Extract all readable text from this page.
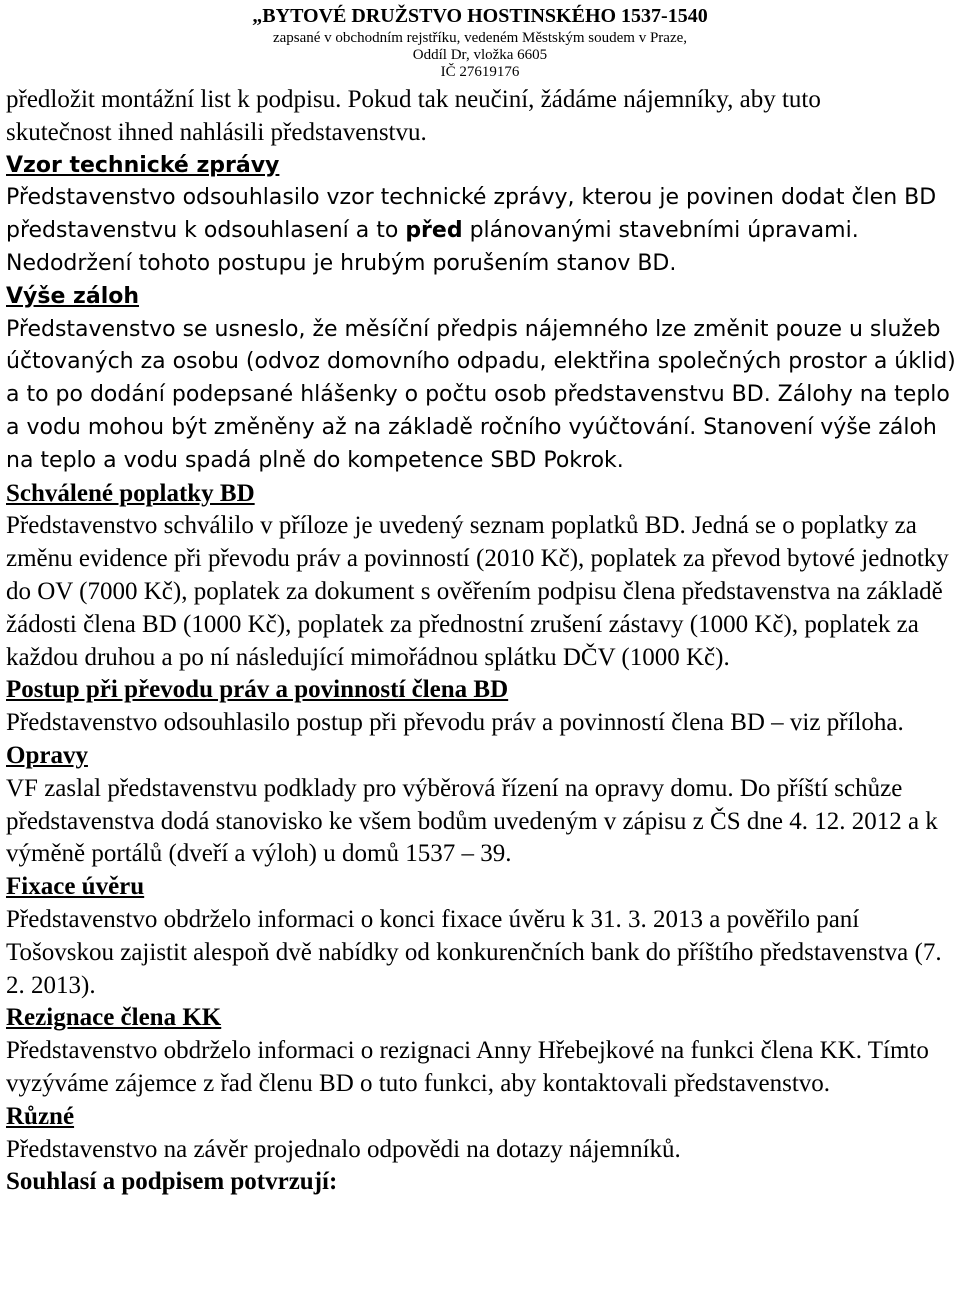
„BYTOVÉ DRUŽSTVO HOSTINSKÉHO 1537-1540
zapsané v obchodním rejstříku, vedeném Městským soudem v Praze,
Oddíl Dr, vložka 6605
IČ 27619176

předložit montážní list k podpisu. Pokud tak neučiní, žádáme nájemníky, aby tuto

skutečnost ihned nahlásili představenstvu.

Vzor technické zprávy

Představenstvo odsouhlasilo vzor technické zprávy, kterou je povinen dodat člen BD představenstvu k odsouhlasení a to před plánovanými stavebními úpravami.

Nedodržení tohoto postupu je hrubým porušením stanov BD.

Výše záloh

Představenstvo se usneslo, že měsíční předpis nájemného lze změnit pouze u služeb účtovaných za osobu (odvoz domovního odpadu, elektřina společných prostor a úklid) a to po dodání podepsané hlášenky o počtu osob představenstvu BD. Zálohy na teplo a vodu mohou být změněny až na základě ročního vyúčtování. Stanovení výše záloh na teplo a vodu spadá plně do kompetence SBD Pokrok.

Schválené poplatky BD

Představenstvo schválilo v příloze je uvedený seznam poplatků BD. Jedná se o poplatky za změnu evidence při převodu práv a povinností (2010 Kč), poplatek za převod bytové jednotky do OV (7000 Kč), poplatek za dokument s ověřením podpisu člena představenstva na základě žádosti člena BD (1000 Kč), poplatek za přednostní zrušení zástavy (1000 Kč), poplatek za každou druhou a po ní následující mimořádnou splátku DČV (1000 Kč).

Postup při převodu práv a povinností člena BD

Představenstvo odsouhlasilo postup při převodu práv a povinností člena BD – viz příloha.

Opravy

VF zaslal představenstvu podklady pro výběrová řízení na opravy domu. Do příští schůze představenstva dodá stanovisko ke všem bodům uvedeným v zápisu z ČS dne 4. 12. 2012 a k výměně portálů (dveří a výloh) u domů 1537 – 39.

Fixace úvěru

Představenstvo obdrželo informaci o konci fixace úvěru k 31. 3. 2013 a pověřilo paní Tošovskou zajistit alespoň dvě nabídky od konkurenčních bank do příštího představenstva (7. 2. 2013).

Rezignace člena KK

Představenstvo obdrželo informaci o rezignaci Anny Hřebejkové na funkci člena KK. Tímto vyzýváme zájemce z řad členu BD o tuto funkci, aby kontaktovali představenstvo.

Různé

Představenstvo na závěr projednalo odpovědi na dotazy nájemníků.

Souhlasí a podpisem potvrzují:
